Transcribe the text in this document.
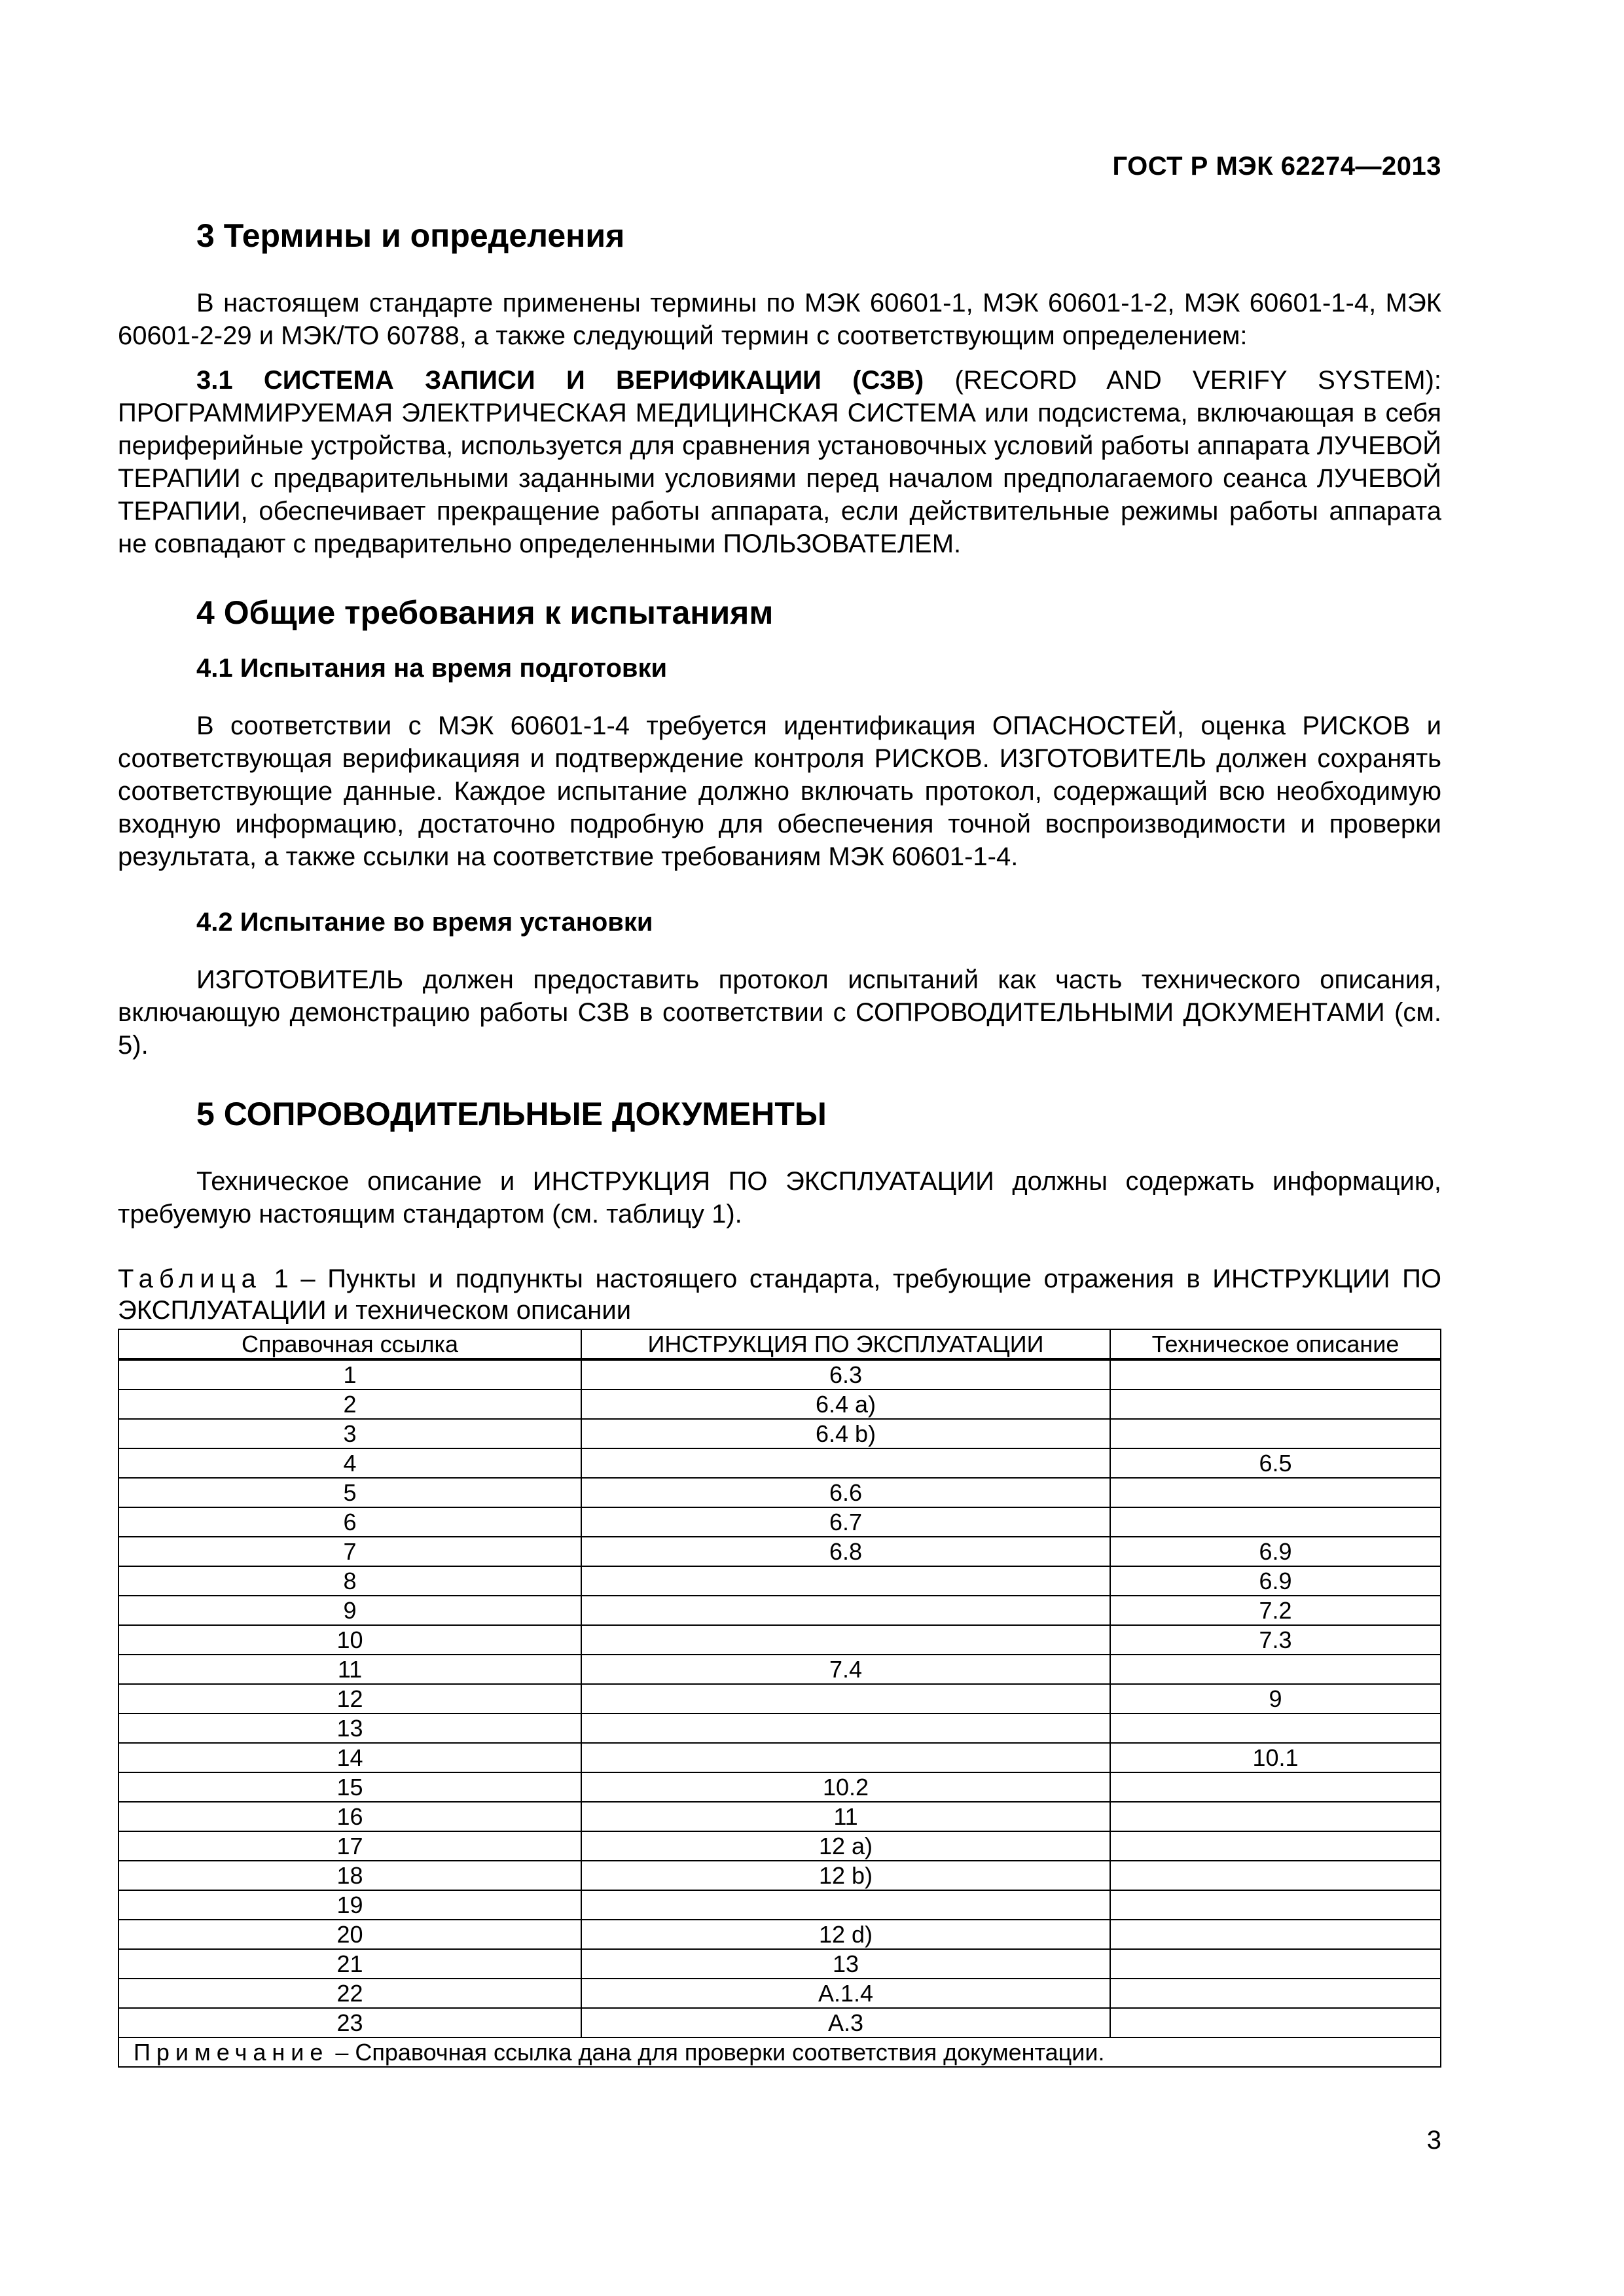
ГОСТ Р МЭК 62274—2013
3 Термины и определения

В настоящем стандарте применены термины по МЭК 60601-1, МЭК 60601-1-2, МЭК 60601-1-4, МЭК 60601-2-29 и МЭК/ТО 60788, а также следующий термин с соответствующим определением:

3.1 СИСТЕМА ЗАПИСИ И ВЕРИФИКАЦИИ (СЗВ) (RECORD AND VERIFY SYSTEM): ПРОГРАММИРУЕМАЯ ЭЛЕКТРИЧЕСКАЯ МЕДИЦИНСКАЯ СИСТЕМА или подсистема, включающая в себя периферийные устройства, используется для сравнения установочных условий работы аппарата ЛУЧЕВОЙ ТЕРАПИИ с предварительными заданными условиями перед началом предполагаемого сеанса ЛУЧЕВОЙ ТЕРАПИИ, обеспечивает прекращение работы аппарата, если действительные режимы работы аппарата не совпадают с предварительно определенными ПОЛЬЗОВАТЕЛЕМ.

4 Общие требования к испытаниям
4.1 Испытания на время подготовки

В соответствии с МЭК 60601-1-4 требуется идентификация ОПАСНОСТЕЙ, оценка РИСКОВ и соответствующая верификацияя и подтверждение контроля РИСКОВ. ИЗГОТОВИТЕЛЬ должен сохранять соответствующие данные. Каждое испытание должно включать протокол, содержащий всю необходимую входную информацию, достаточно подробную для обеспечения точной воспроизводимости и проверки результата, а также ссылки на соответствие требованиям МЭК 60601-1-4.

4.2 Испытание во время установки

ИЗГОТОВИТЕЛЬ должен предоставить протокол испытаний как часть технического описания, включающую демонстрацию работы СЗВ в соответствии с СОПРОВОДИТЕЛЬНЫМИ ДОКУМЕНТАМИ (см. 5).

5 СОПРОВОДИТЕЛЬНЫЕ ДОКУМЕНТЫ

Техническое описание и ИНСТРУКЦИЯ ПО ЭКСПЛУАТАЦИИ должны содержать информацию, требуемую настоящим стандартом (см. таблицу 1).

Таблица 1 – Пункты и подпункты настоящего стандарта, требующие отражения в ИНСТРУКЦИИ ПО ЭКСПЛУАТАЦИИ и техническом описании

Справочная ссылка	ИНСТРУКЦИЯ ПО ЭКСПЛУАТАЦИИ	Техническое описание
1	6.3	
2	6.4 a)	
3	6.4 b)	
4		6.5
5	6.6	
6	6.7	
7	6.8	6.9
8		6.9
9		7.2
10		7.3
11	7.4	
12		9
13		
14		10.1
15	10.2	
16	11	
17	12 a)	
18	12 b)	
19		
20	12 d)	
21	13	
22	A.1.4	
23	A.3	
Примечание – Справочная ссылка дана для проверки соответствия документации.		
3
